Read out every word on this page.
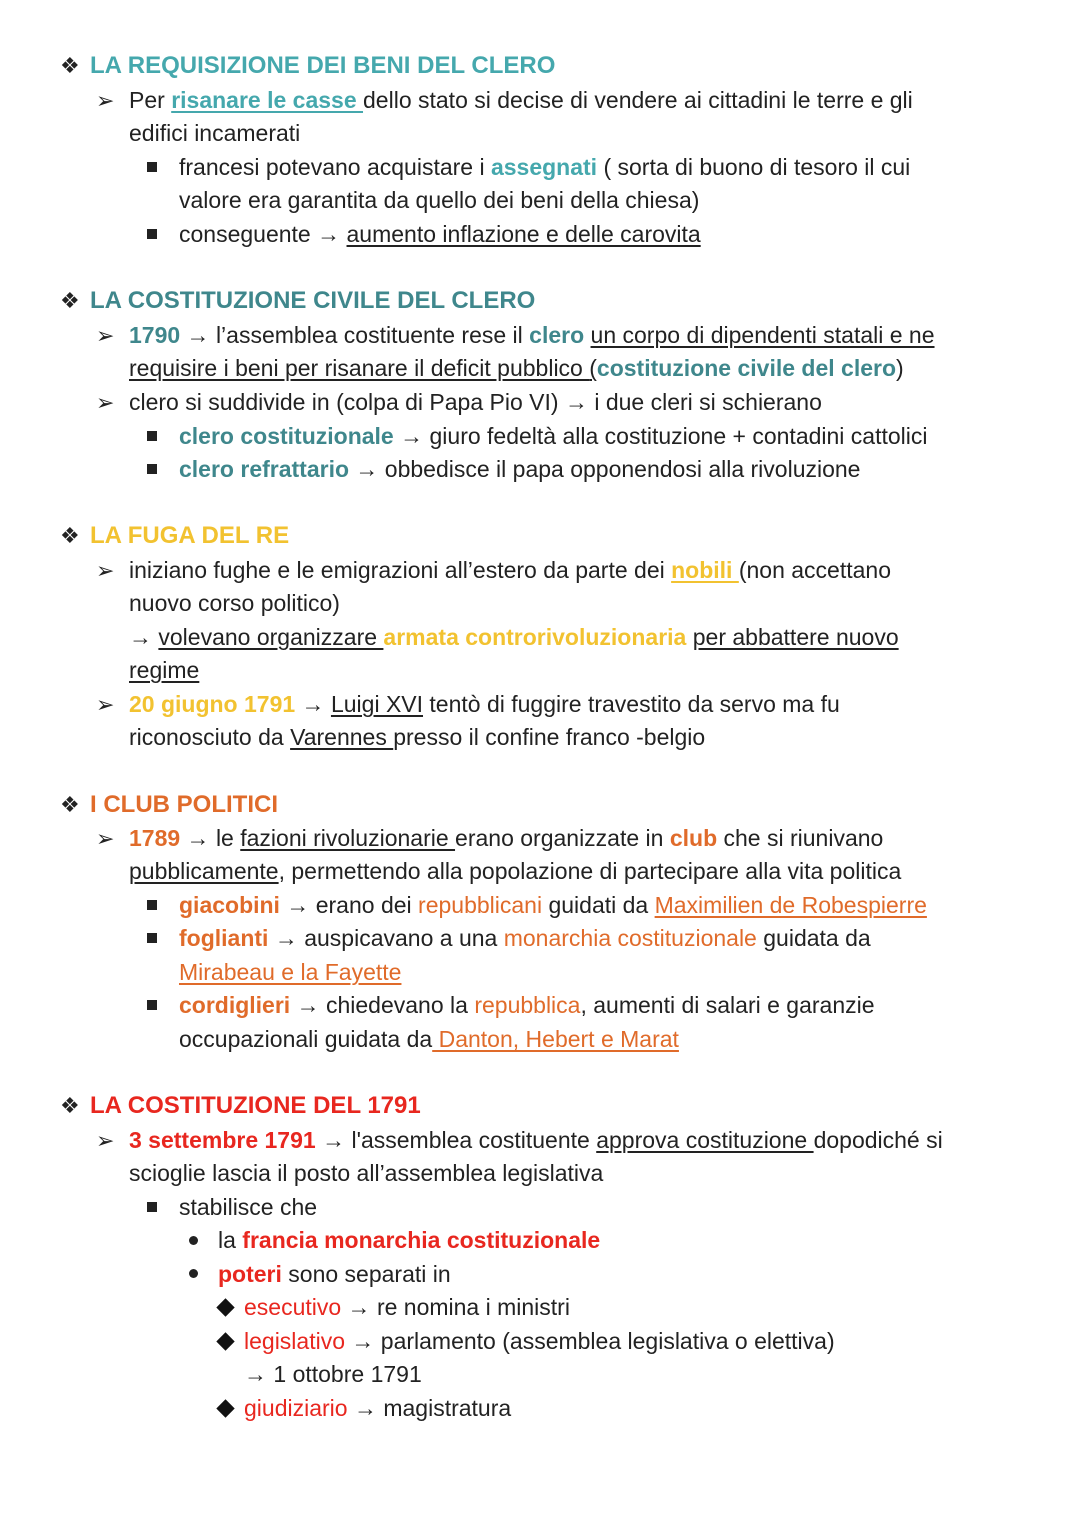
❖ LA REQUISIZIONE DEI BENI DEL CLERO
➢ Per risanare le casse dello stato si decise di vendere ai cittadini le terre e gli
edifici incamerati
francesi potevano acquistare i assegnati ( sorta di buono di tesoro il cui
valore era garantita da quello dei beni della chiesa)
conseguente → aumento inflazione e delle carovita
❖ LA COSTITUZIONE CIVILE DEL CLERO
➢ 1790 → l’assemblea costituente rese il clero un corpo di dipendenti statali e ne
requisire i beni per risanare il deficit pubblico (costituzione civile del clero)
➢ clero si suddivide in (colpa di Papa Pio VI) → i due cleri si schierano
clero costituzionale → giuro fedeltà alla costituzione + contadini cattolici
clero refrattario → obbedisce il papa opponendosi alla rivoluzione
❖ LA FUGA DEL RE
➢ iniziano fughe e le emigrazioni all’estero da parte dei nobili (non accettano
nuovo corso politico)
→ volevano organizzare armata controrivoluzionaria per abbattere nuovo
regime
➢ 20 giugno 1791 → Luigi XVI tentò di fuggire travestito da servo ma fu
riconosciuto da Varennes presso il confine franco -belgio
❖ I CLUB POLITICI
➢ 1789 → le fazioni rivoluzionarie erano organizzate in club che si riunivano
pubblicamente, permettendo alla popolazione di partecipare alla vita politica
giacobini → erano dei repubblicani guidati da Maximilien de Robespierre
foglianti → auspicavano a una monarchia costituzionale guidata da
Mirabeau e la Fayette
cordiglieri → chiedevano la repubblica, aumenti di salari e garanzie
occupazionali guidata da Danton, Hebert e Marat
❖ LA COSTITUZIONE DEL 1791
➢ 3 settembre 1791 → l'assemblea costituente approva costituzione dopodiché si
scioglie lascia il posto all’assemblea legislativa
stabilisce che
la francia monarchia costituzionale
poteri sono separati in
esecutivo → re nomina i ministri
legislativo → parlamento (assemblea legislativa o elettiva)
→ 1 ottobre 1791
giudiziario → magistratura
